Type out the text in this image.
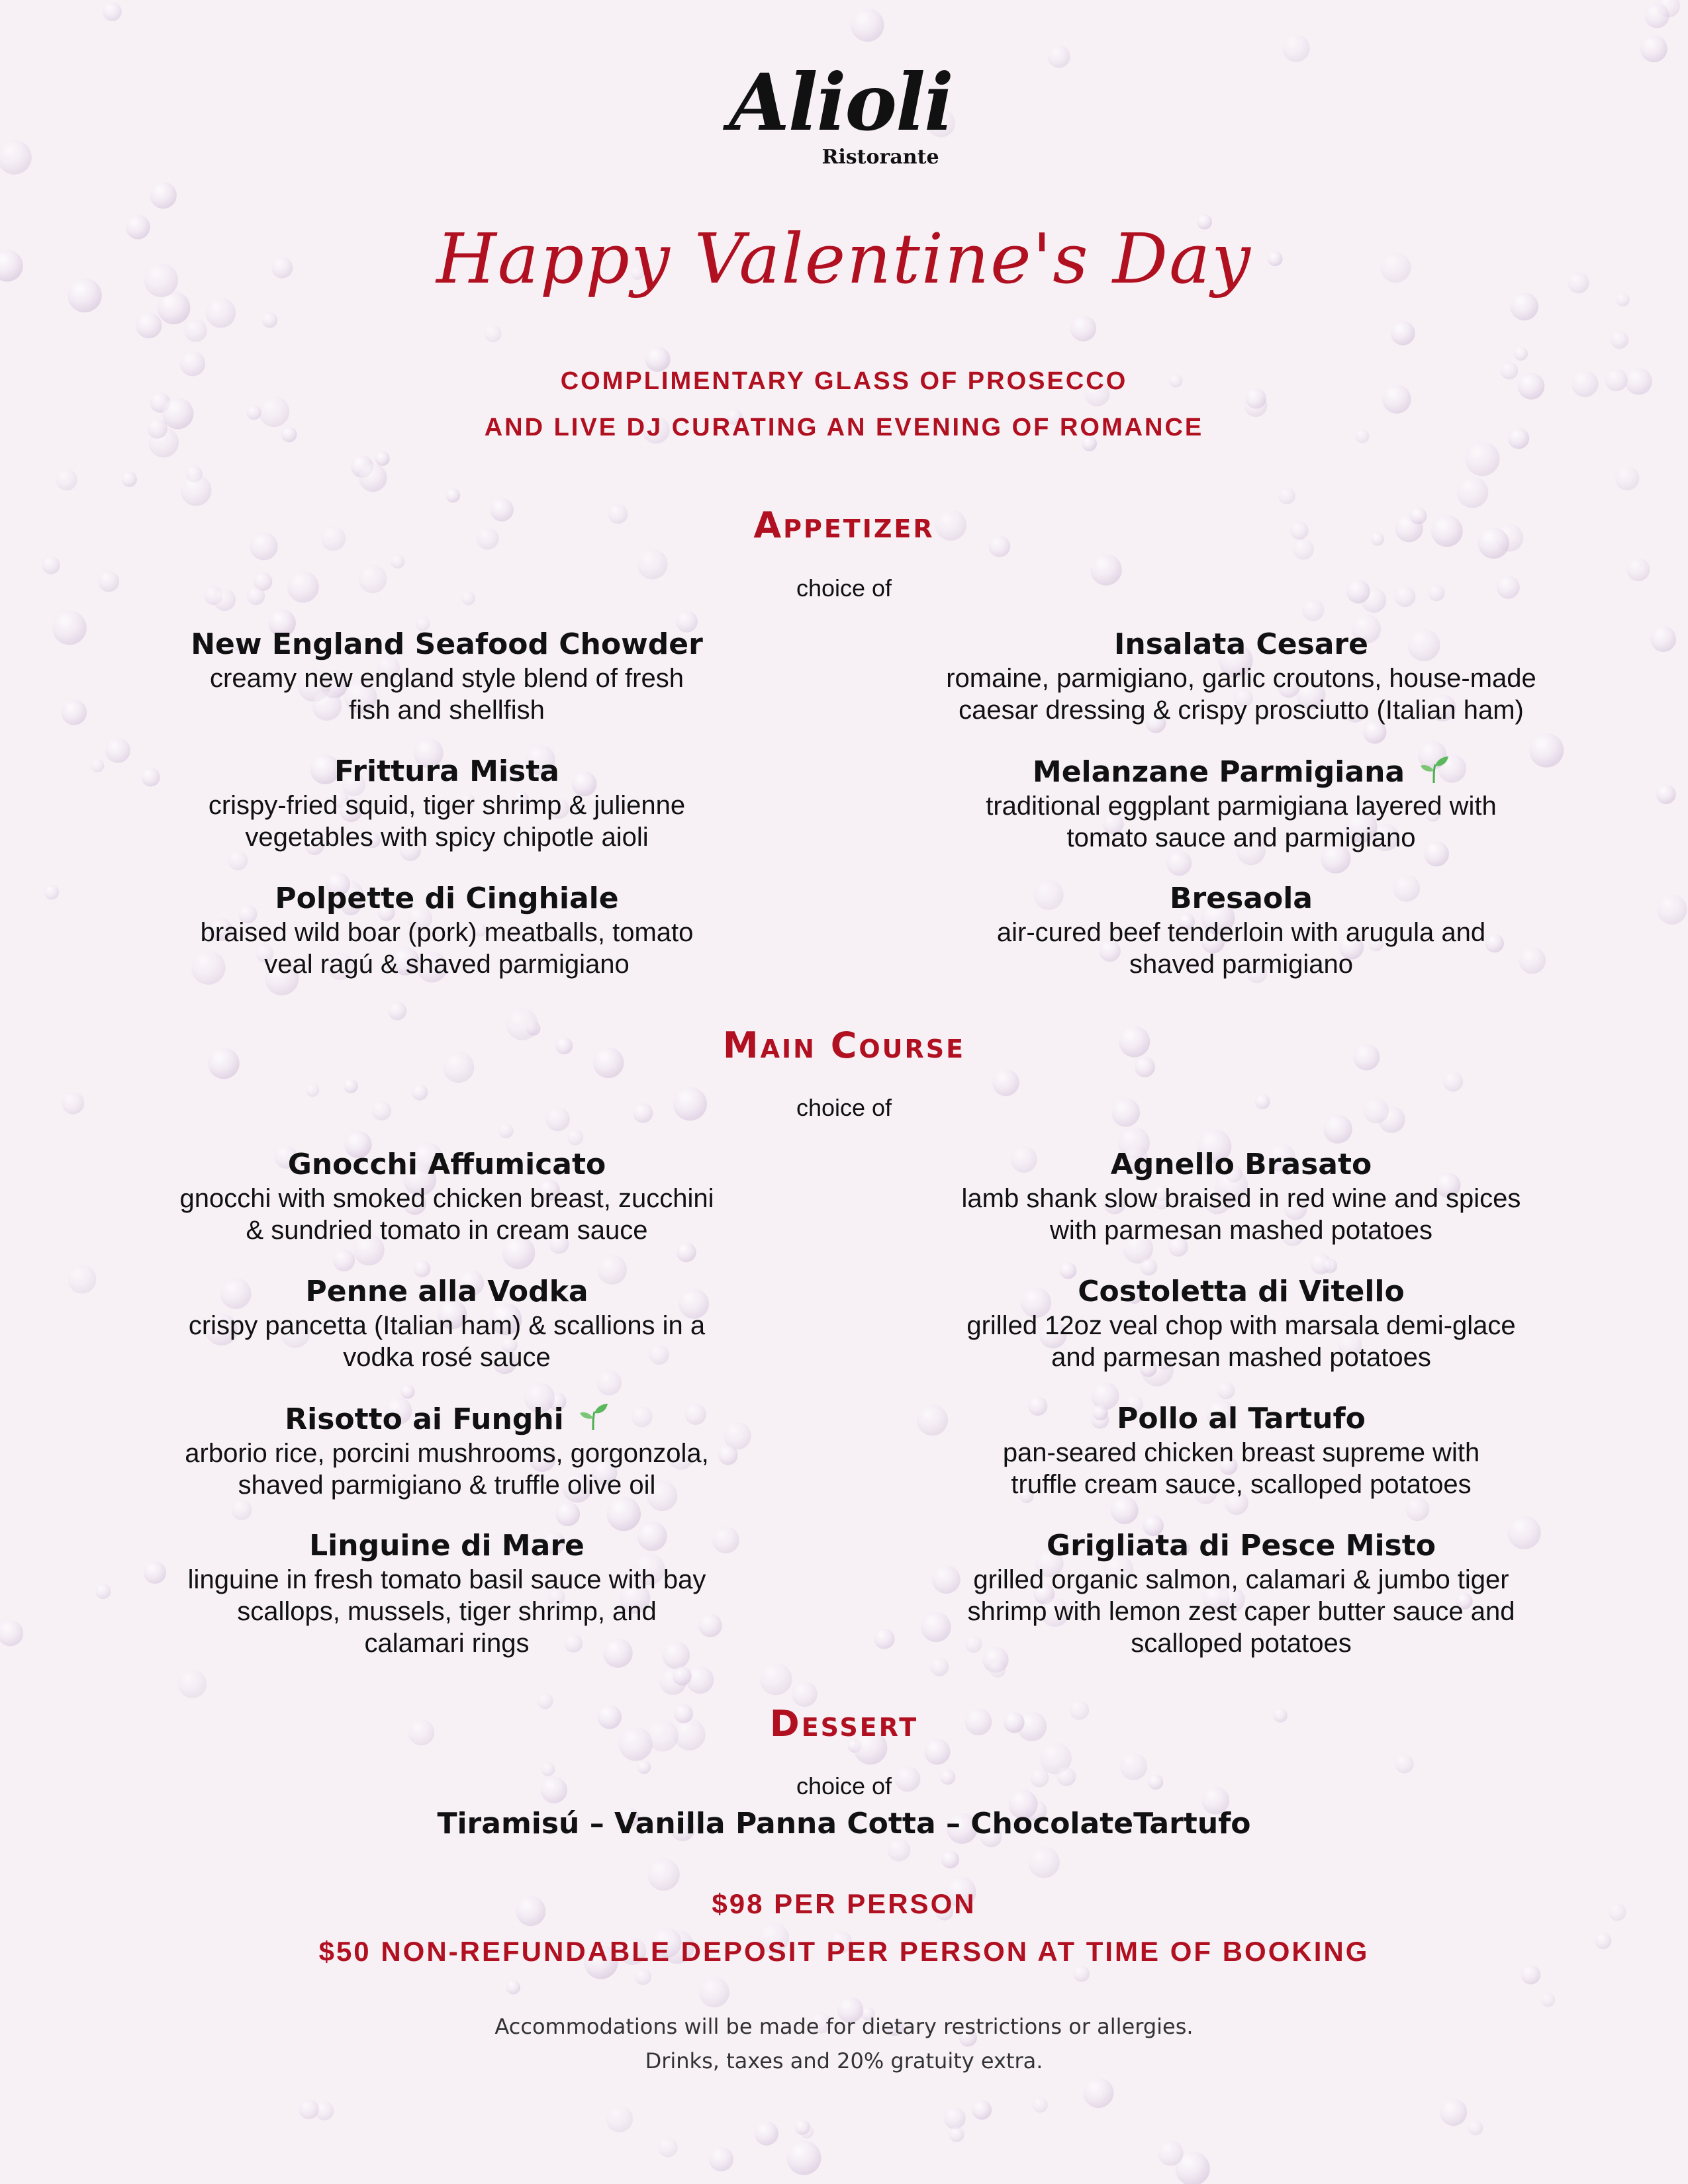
Alioli
Ristorante
Happy Valentine's Day
COMPLIMENTARY GLASS OF PROSECCO
AND LIVE DJ CURATING AN EVENING OF ROMANCE
Appetizer
choice of
New England Seafood Chowder
creamy new england style blend of fresh
fish and shellfish
Insalata Cesare
romaine, parmigiano, garlic croutons, house-made
caesar dressing & crispy prosciutto (Italian ham)
Frittura Mista
crispy-fried squid, tiger shrimp & julienne
vegetables with spicy chipotle aioli
Melanzane Parmigiana
traditional eggplant parmigiana layered with
tomato sauce and parmigiano
Polpette di Cinghiale
braised wild boar (pork) meatballs, tomato
veal ragú & shaved parmigiano
Bresaola
air-cured beef tenderloin with arugula and
shaved parmigiano
Main Course
choice of
Gnocchi Affumicato
gnocchi with smoked chicken breast, zucchini
& sundried tomato in cream sauce
Agnello Brasato
lamb shank slow braised in red wine and spices
with parmesan mashed potatoes
Penne alla Vodka
crispy pancetta (Italian ham) & scallions in a
vodka rosé sauce
Costoletta di Vitello
grilled 12oz veal chop with marsala demi-glace
and parmesan mashed potatoes
Risotto ai Funghi
arborio rice, porcini mushrooms, gorgonzola,
shaved parmigiano & truffle olive oil
Pollo al Tartufo
pan-seared chicken breast supreme with
truffle cream sauce, scalloped potatoes
Linguine di Mare
linguine in fresh tomato basil sauce with bay
scallops, mussels, tiger shrimp, and
calamari rings
Grigliata di Pesce Misto
grilled organic salmon, calamari & jumbo tiger
shrimp with lemon zest caper butter sauce and
scalloped potatoes
Dessert
choice of
Tiramisú – Vanilla Panna Cotta – ChocolateTartufo
$98 PER PERSON
$50 NON-REFUNDABLE DEPOSIT PER PERSON AT TIME OF BOOKING
Accommodations will be made for dietary restrictions or allergies.
Drinks, taxes and 20% gratuity extra.
